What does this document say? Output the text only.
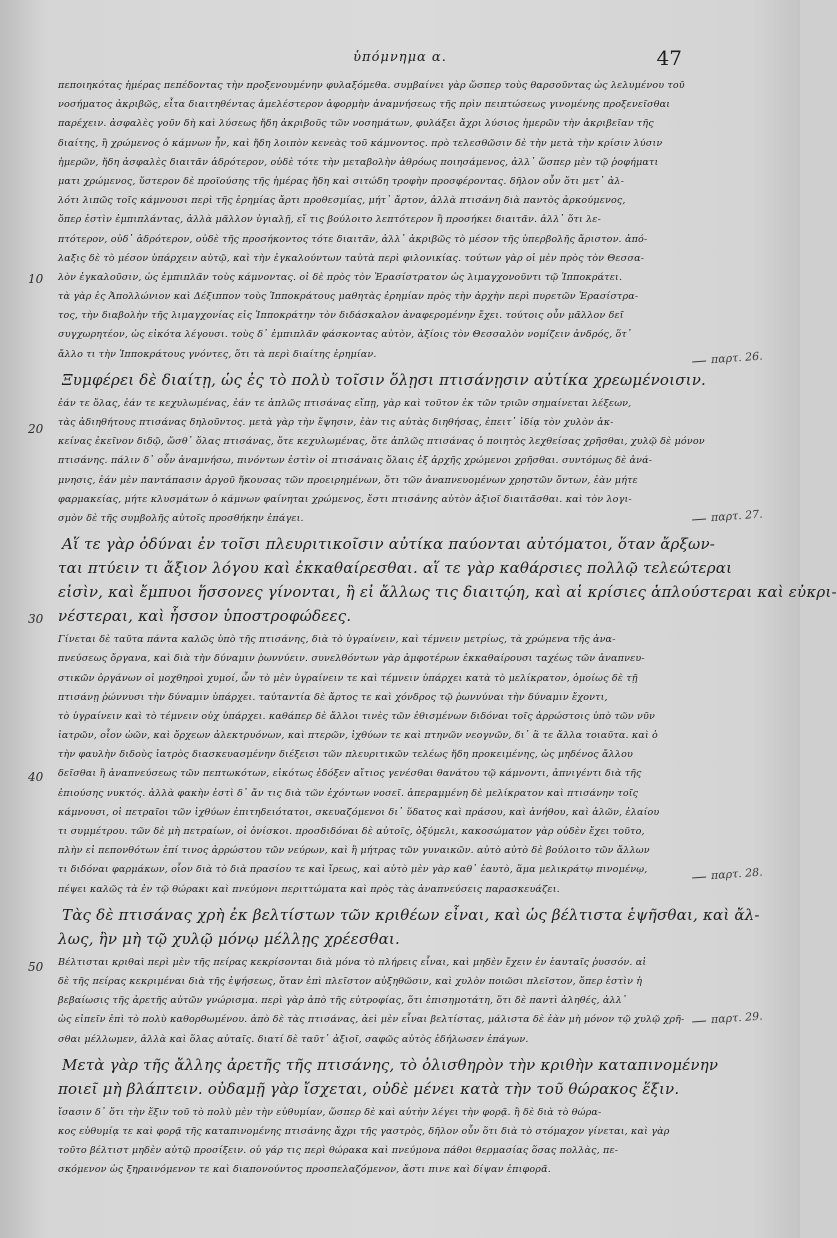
ὑπόμνημα α.	47
10
20
30
40
50
παρτ. 26.
παρτ. 27.
παρτ. 28.
παρτ. 29.
πεποιηκότας ἡμέρας πεπέδοντας τὴν προξενουμένην φυλαξόμεθα. συμβαίνει γὰρ ὥσπερ τοὺς θαρσοῦντας ὡς λελυμένου τοῦ
νοσήματος ἀκριβῶς, εἶτα διαιτηθέντας ἀμελέστερον ἀφορμὴν ἀναμνήσεως τῆς πρὶν πειπτώσεως γινομένης προξενεῖσθαι
παρέχειν. ἀσφαλὲς γοῦν δὴ καὶ λύσεως ἤδη ἀκριβοῦς τῶν νοσημάτων, φυλάξει ἄχρι λύσιος ἡμερῶν τὴν ἀκριβεῖαν τῆς
διαίτης, ἢ χρώμενος ὁ κάμνων ἦν, καὶ ἤδη λοιπὸν κενεὰς τοῦ κάμνοντος. πρὸ τελεσθῶσιν δὲ τὴν μετὰ τὴν κρίσιν λύσιν
ἡμερῶν, ἤδη ἀσφαλὲς διαιτᾶν ἁδρότερον, οὐδὲ τότε τὴν μεταβολὴν ἀθρόως ποιησάμενος, ἀλλ᾽ ὥσπερ μὲν τῷ ῥοφήματι
ματι χρώμενος, ὕστερον δὲ προϊούσης τῆς ἡμέρας ἤδη καὶ σιτώδη τροφὴν προσφέροντας. δῆλον οὖν ὅτι μετ᾽ ἀλ-
λότι λιπῶς τοῖς κάμνουσι περὶ τῆς ἐρημίας ἄρτι προθεσμίας, μήτ᾽ ἄρτον, ἀλλὰ πτισάνη διὰ παντὸς ἀρκούμενος,
ὅπερ ἐστὶν ἐμπιπλάντας, ἀλλὰ μᾶλλον ὑγιαλῇ, εἴ τις βούλοιτο λεπτότερον ἢ προσήκει διαιτᾶν. ἀλλ᾽ ὅτι λε-
πτότερον, οὐδ᾽ ἁδρότερον, οὐδὲ τῆς προσήκοντος τότε διαιτᾶν, ἀλλ᾽ ἀκριβῶς τὸ μέσον τῆς ὑπερβολῆς ἄριστον. ἀπό-
λαξις δὲ τὸ μέσον ὑπάρχειν αὐτῷ, καὶ τὴν ἐγκαλούντων ταὐτὰ περὶ φιλονικίας. τούτων γὰρ οἱ μὲν πρὸς τὸν Θεσσα-
λὸν ἐγκαλοῦσιν, ὡς ἐμπιπλᾶν τοὺς κάμνοντας. οἱ δὲ πρὸς τὸν Ἐρασίστρατον ὡς λιμαγχονοῦντι τῷ Ἱπποκράτει.
τὰ γὰρ ἐς Ἀπολλώνιον καὶ Δέξιππον τοὺς Ἱπποκράτους μαθητὰς ἐρημίαν πρὸς τὴν ἀρχὴν περὶ πυρετῶν Ἐρασίστρα-
τος, τὴν διαβολὴν τῆς λιμαγχονίας εἰς Ἱπποκράτην τὸν διδάσκαλον ἀναφερομένην ἔχει. τούτοις οὖν μᾶλλον δεῖ
συγχωρητέον, ὡς εἰκότα λέγουσι. τοὺς δ᾽ ἐμπιπλᾶν φάσκοντας αὐτὸν, ἀξίοις τὸν Θεσσαλὸν νομίζειν ἀνδρός, ὅτ᾽
ἄλλο τι τὴν Ἱπποκράτους γνόντες, ὅτι τὰ περὶ διαίτης ἐρημίαν.
Ξυμφέρει δὲ διαίτῃ, ὡς ἐς τὸ πολὺ τοῖσιν ὅλῃσι πτισάνῃσιν αὐτίκα χρεωμένοισιν.
ἐάν τε ὅλας, ἐάν τε κεχυλωμένας, ἐάν τε ἁπλῶς πτισάνας εἴπῃ, γὰρ καὶ τοῦτον ἐκ τῶν τριῶν σημαίνεται λέξεων,
τὰς ἀδιηθήτους πτισάνας δηλοῦντος. μετὰ γὰρ τὴν ἕψησιν, ἐὰν τις αὐτὰς διηθήσας, ἐπειτ᾽ ἰδίᾳ τὸν χυλὸν ἀκ-
κείνας ἐκεῖνον διδῷ, ὥσθ᾽ ὅλας πτισάνας, ὅτε κεχυλωμένας, ὅτε ἁπλῶς πτισάνας ὁ ποιητὸς λεχθείσας χρῆσθαι, χυλῷ δὲ μόνον
πτισάνης. πάλιν δ᾽ οὖν ἀναμνήσω, πινόντων ἐστὶν οἱ πτισάναις ὅλαις ἐξ ἀρχῆς χρώμενοι χρῆσθαι. συντόμως δὲ ἀνά-
μνησις, ἐάν μὲν παντάπασιν ἀργοῦ ἤκουσας τῶν προειρημένων, ὅτι τῶν ἀναπνευομένων χρηστῶν ὄντων, ἐὰν μήτε
φαρμακείας, μήτε κλυσμάτων ὁ κάμνων φαίνηται χρώμενος, ἔστι πτισάνης αὐτὸν ἀξιοῖ διαιτᾶσθαι. καὶ τὸν λογι-
σμὸν δὲ τῆς συμβολῆς αὐτοῖς προσθήκην ἐπάγει.
Αἵ τε γὰρ ὀδύναι ἐν τοῖσι πλευριτικοῖσιν αὐτίκα παύονται αὐτόματοι, ὅταν ἄρξων-
ται πτύειν τι ἄξιον λόγου καὶ ἐκκαθαίρεσθαι. αἵ τε γὰρ καθάρσιες πολλῷ τελεώτεραι
εἰσὶν, καὶ ἔμπυοι ἥσσονες γίνονται, ἢ εἰ ἄλλως τις διαιτῴη, καὶ αἱ κρίσιες ἁπλούστεραι καὶ εὐκρι-
νέστεραι, καὶ ἧσσον ὑποστροφώδεες.
Γίνεται δὲ ταῦτα πάντα καλῶς ὑπὸ τῆς πτισάνης, διὰ τὸ ὑγραίνειν, καὶ τέμνειν μετρίως, τὰ χρώμενα τῆς ἀνα-
πνεύσεως ὄργανα, καὶ διὰ τὴν δύναμιν ῥωννύειν. συνελθόντων γὰρ ἀμφοτέρων ἐκκαθαίρουσι ταχέως τῶν ἀναπνευ-
στικῶν ὀργάνων οἱ μοχθηροὶ χυμοί, ὧν τὸ μὲν ὑγραίνειν τε καὶ τέμνειν ὑπάρχει κατὰ τὸ μελίκρατον, ὁμοίως δὲ τῇ
πτισάνῃ ῥώννυσι τὴν δύναμιν ὑπάρχει. ταὐταντία δὲ ἄρτος τε καὶ χόνδρος τῷ ῥωννύναι τὴν δύναμιν ἔχοντι,
τὸ ὑγραίνειν καὶ τὸ τέμνειν οὐχ ὑπάρχει. καθάπερ δὲ ἄλλοι τινὲς τῶν ἐθισμένων διδόναι τοῖς ἀρρώστοις ὑπὸ τῶν νῦν
ἰατρῶν, οἷον ὠῶν, καὶ ὄρχεων ἀλεκτρυόνων, καὶ πτερῶν, ἰχθύων τε καὶ πτηνῶν νεογνῶν, δι᾽ ἃ τε ἄλλα τοιαῦτα. καὶ ὁ
τὴν φαυλὴν διδοὺς ἰατρὸς διασκευασμένην διέξεισι τῶν πλευριτικῶν τελέως ἤδη προκειμένης, ὡς μηδένος ἄλλου
δεῖσθαι ἢ ἀναπνεύσεως τῶν πεπτωκότων, εἰκότως ἐδόξεν αἴτιος γενέσθαι θανάτου τῷ κάμνοντι, ἀπνιγέντι διὰ τῆς
ἐπιούσης νυκτός. ἀλλὰ φακὴν ἐστὶ δ᾽ ἄν τις διὰ τῶν ἐχόντων νοσεῖ. ἀπεραμμένη δὲ μελίκρατον καὶ πτισάνην τοῖς
κάμνουσι, οἱ πετραῖοι τῶν ἰχθύων ἐπιτηδειότατοι, σκευαζόμενοι δι᾽ ὕδατος καὶ πράσου, καὶ ἀνήθου, καὶ ἁλῶν, ἐλαίου
τι συμμέτρου. τῶν δὲ μὴ πετραίων, οἱ ὀνίσκοι. προσδιδόναι δὲ αὐτοῖς, ὀξύμελι, κακοσώματον γὰρ οὐδὲν ἔχει τοῦτο,
πλὴν εἰ πεπονθότων ἐπί τινος ἀρρώστου τῶν νεύρων, καὶ ἢ μήτρας τῶν γυναικῶν. αὐτὸ αὐτὸ δὲ βούλοιτο τῶν ἄλλων
τι διδόναι φαρμάκων, οἷον διὰ τὸ διὰ πρασίου τε καὶ ἴρεως, καὶ αὐτὸ μὲν γὰρ καθ᾽ ἑαυτὸ, ἅμα μελικράτῳ πινομένῳ,
πέψει καλῶς τὰ ἐν τῷ θώρακι καὶ πνεύμονι περιττώματα καὶ πρὸς τὰς ἀναπνεύσεις παρασκευάζει.
Τὰς δὲ πτισάνας χρὴ ἐκ βελτίστων τῶν κριθέων εἶναι, καὶ ὡς βέλτιστα ἑψῆσθαι, καὶ ἄλ-
λως, ἢν μὴ τῷ χυλῷ μόνῳ μέλλῃς χρέεσθαι.
Βέλτισται κριθαὶ περὶ μὲν τῆς πείρας κεκρίσονται διὰ μόνα τὸ πλήρεις εἶναι, καὶ μηδὲν ἔχειν ἐν ἑαυταῖς ῥυσσόν. αἱ
δὲ τῆς πείρας κεκριμέναι διὰ τῆς ἑψήσεως, ὅταν ἐπὶ πλεῖστον αὐξηθῶσιν, καὶ χυλὸν ποιῶσι πλεῖστον, ὅπερ ἐστὶν ἡ
βεβαίωσις τῆς ἀρετῆς αὐτῶν γνώρισμα. περὶ γὰρ ἀπὸ τῆς εὐτροφίας, ὅτι ἐπισημοτάτη, ὅτι δὲ παντὶ ἀληθές, ἀλλ᾽
ὡς εἰπεῖν ἐπὶ τὸ πολὺ καθορθωμένου. ἀπὸ δὲ τὰς πτισάνας, ἀεὶ μὲν εἶναι βελτίστας, μάλιστα δὲ ἐὰν μὴ μόνον τῷ χυλῷ χρῆ-
σθαι μέλλωμεν, ἀλλὰ καὶ ὅλας αὐταῖς. διατί δὲ ταῦτ᾽ ἀξιοῖ, σαφῶς αὐτὸς ἐδήλωσεν ἐπάγων.
Μετὰ γὰρ τῆς ἄλλης ἀρετῆς τῆς πτισάνης, τὸ ὀλισθηρὸν τὴν κριθὴν καταπινομένην
ποιεῖ μὴ βλάπτειν. οὐδαμῇ γὰρ ἴσχεται, οὐδὲ μένει κατὰ τὴν τοῦ θώρακος ἕξιν.
ἴσασιν δ᾽ ὅτι τὴν ἕξιν τοῦ τὸ πολὺ μὲν τὴν εὐθυμίαν, ὥσπερ δὲ καὶ αὐτὴν λέγει τὴν φορᾷ. ἢ δὲ διὰ τὸ θώρα-
κος εὐθυμίᾳ τε καὶ φορᾷ τῆς καταπινομένης πτισάνης ἄχρι τῆς γαστρὸς, δῆλον οὖν ὅτι διὰ τὸ στόμαχον γίνεται, καὶ γὰρ
τοῦτο βέλτιστ μηδὲν αὐτῷ προσίξειν. οὐ γάρ τις περὶ θώρακα καὶ πνεύμονα πάθοι θερμασίας ὅσας πολλὰς, πε-
σκόμενον ὡς ξηραινόμενον τε καὶ διαπονούντος προσπελαζόμενον, ἄστι πινε καὶ δίψαν ἐπιφορᾶ.
